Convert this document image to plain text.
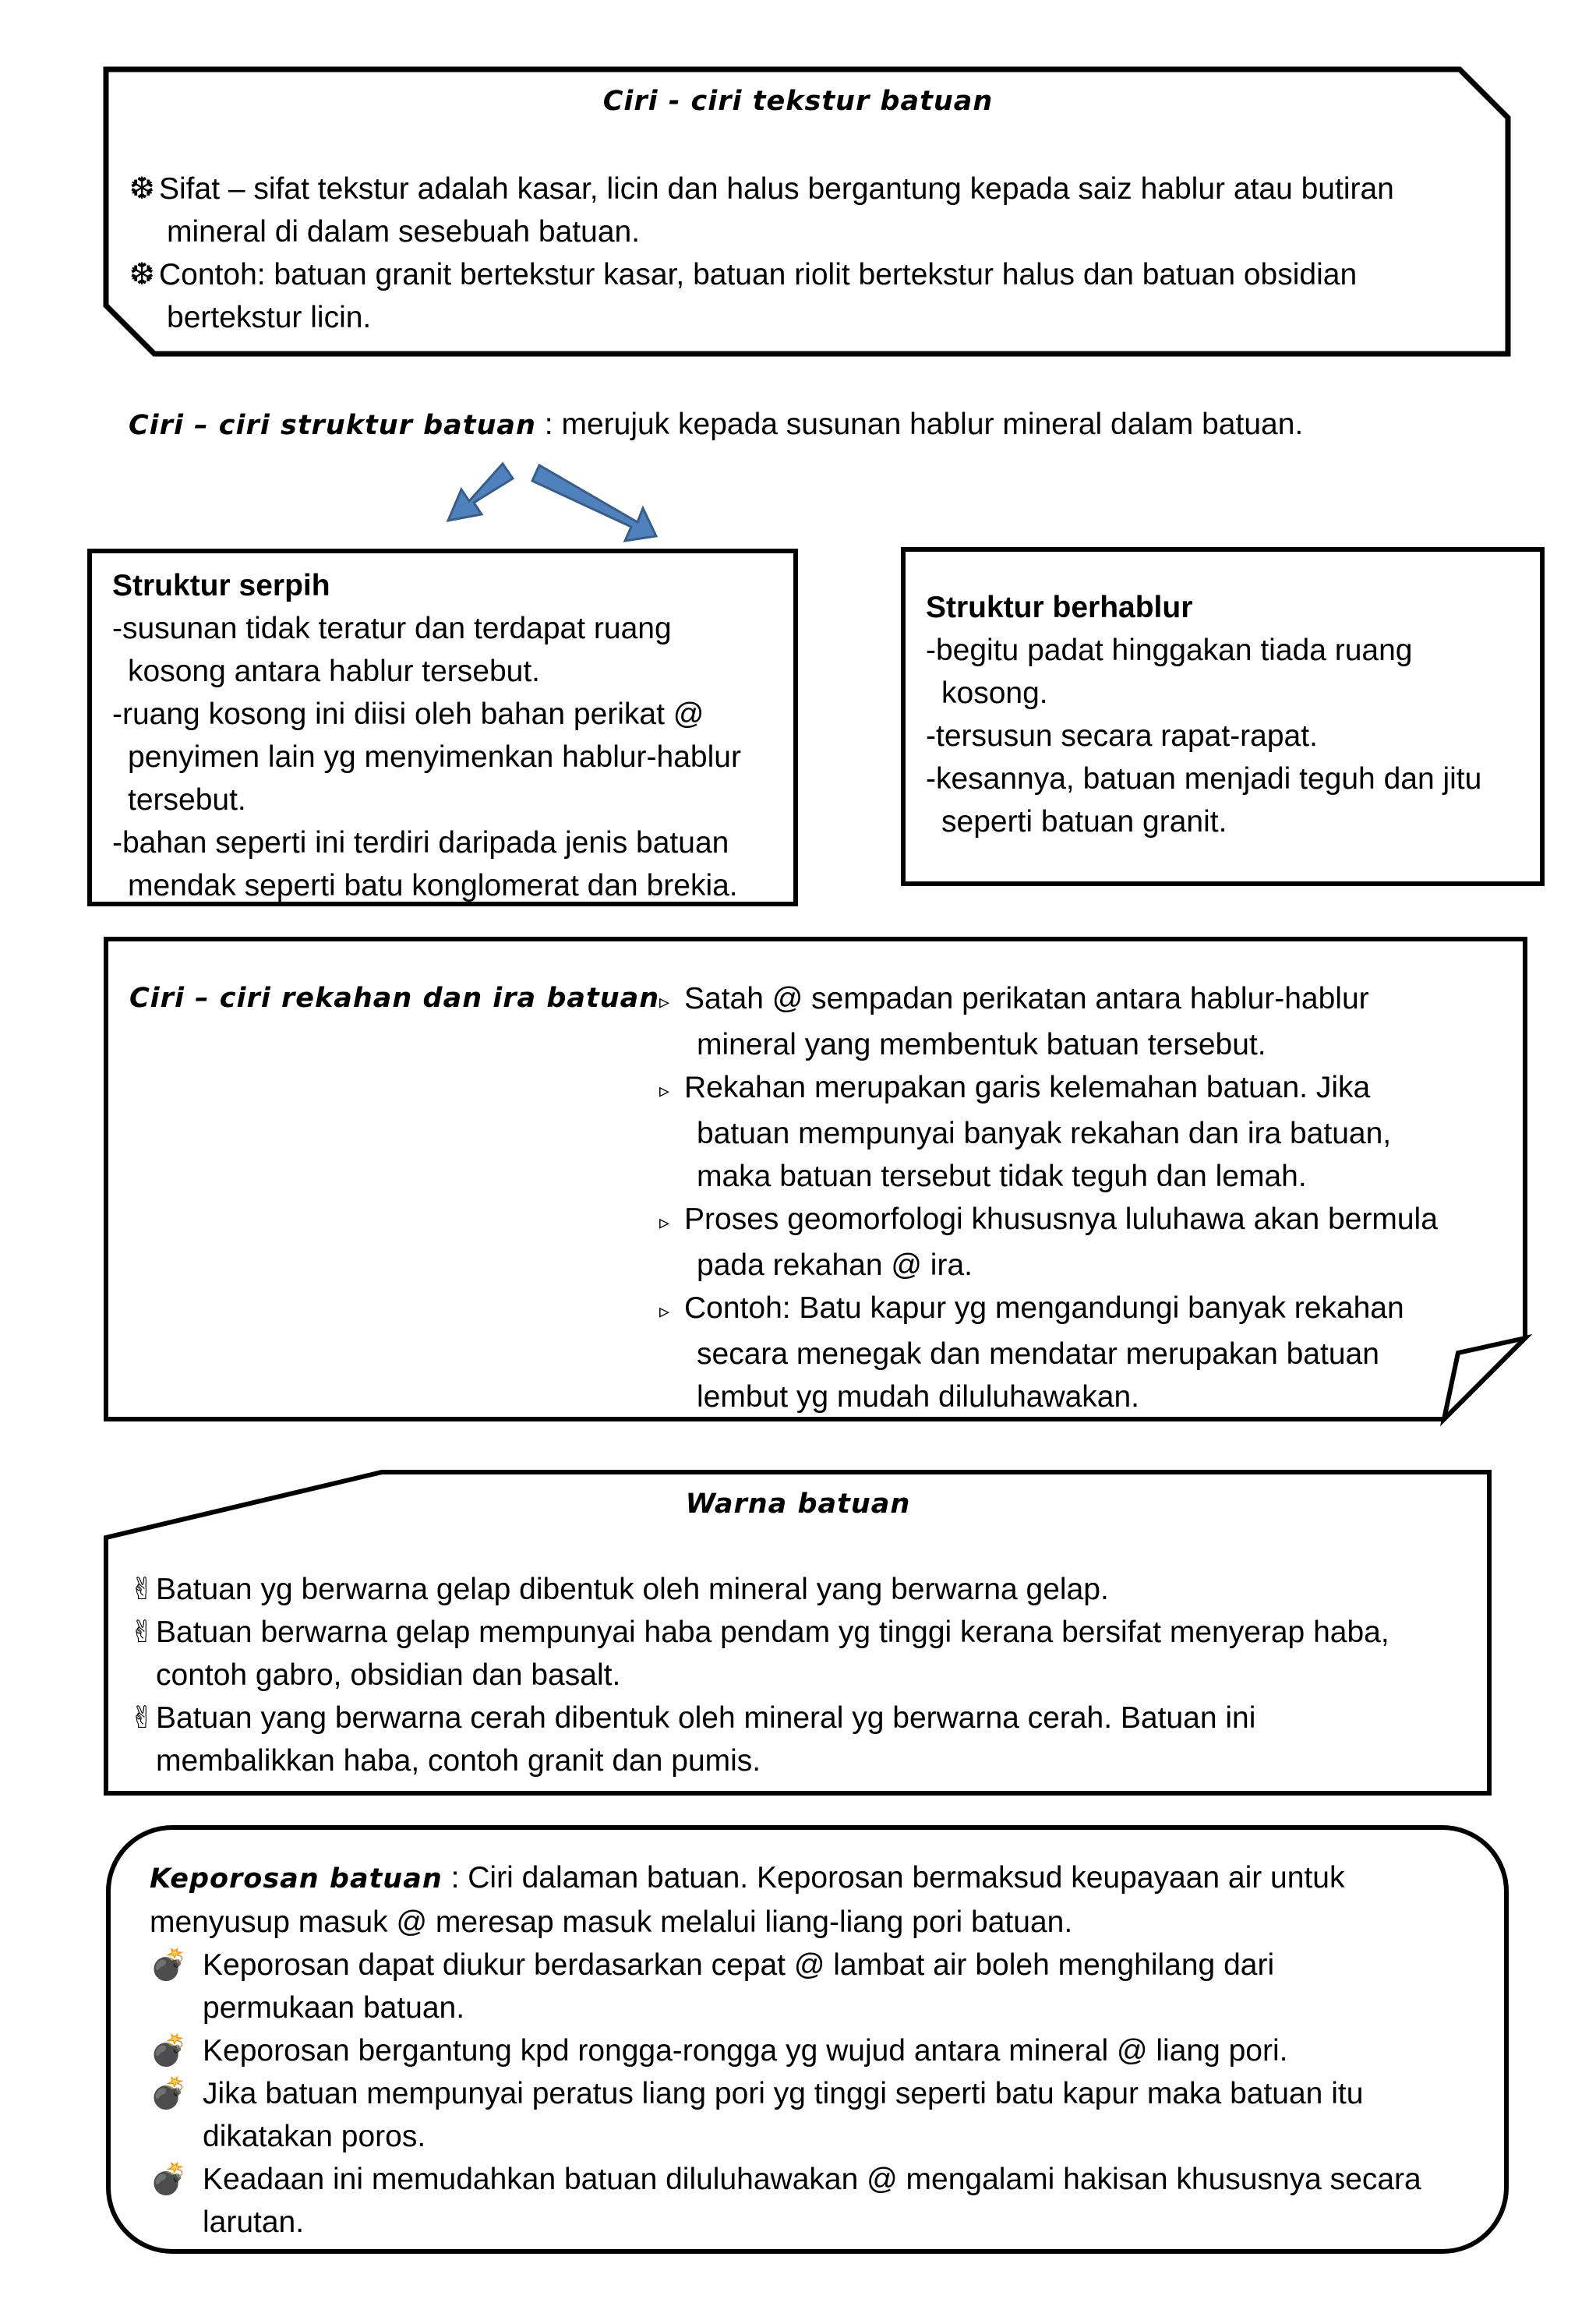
Ciri - ciri tekstur batuan
❆ Sifat – sifat tekstur adalah kasar, licin dan halus bergantung kepada saiz hablur atau butiran
mineral di dalam sesebuah batuan.
❆ Contoh: batuan granit bertekstur kasar, batuan riolit bertekstur halus dan batuan obsidian
bertekstur licin.
Ciri – ciri struktur batuan : merujuk kepada susunan hablur mineral dalam batuan.
Struktur serpih
-susunan tidak teratur dan terdapat ruang
kosong antara hablur tersebut.
-ruang kosong ini diisi oleh bahan perikat @
penyimen lain yg menyimenkan hablur-hablur
tersebut.
-bahan seperti ini terdiri daripada jenis batuan
mendak seperti batu konglomerat dan brekia.
Struktur berhablur
-begitu padat hinggakan tiada ruang
kosong.
-tersusun secara rapat-rapat.
-kesannya, batuan menjadi teguh dan jitu
seperti batuan granit.
Ciri – ciri rekahan dan ira batuan ▹ Satah @ sempadan perikatan antara hablur-hablur
mineral yang membentuk batuan tersebut.
▹ Rekahan merupakan garis kelemahan batuan. Jika
batuan mempunyai banyak rekahan dan ira batuan,
maka batuan tersebut tidak teguh dan lemah.
▹ Proses geomorfologi khususnya luluhawa akan bermula
pada rekahan @ ira.
▹ Contoh: Batu kapur yg mengandungi banyak rekahan
secara menegak dan mendatar merupakan batuan
lembut yg mudah diluluhawakan.
Warna batuan
✌Batuan yg berwarna gelap dibentuk oleh mineral yang berwarna gelap.
✌Batuan berwarna gelap mempunyai haba pendam yg tinggi kerana bersifat menyerap haba,
contoh gabro, obsidian dan basalt.
✌Batuan yang berwarna cerah dibentuk oleh mineral yg berwarna cerah. Batuan ini
membalikkan haba, contoh granit dan pumis.
Keporosan batuan : Ciri dalaman batuan. Keporosan bermaksud keupayaan air untuk
menyusup masuk @ meresap masuk melalui liang-liang pori batuan.
💣 Keporosan dapat diukur berdasarkan cepat @ lambat air boleh menghilang dari
permukaan batuan.
💣 Keporosan bergantung kpd rongga-rongga yg wujud antara mineral @ liang pori.
💣 Jika batuan mempunyai peratus liang pori yg tinggi seperti batu kapur maka batuan itu
dikatakan poros.
💣 Keadaan ini memudahkan batuan diluluhawakan @ mengalami hakisan khususnya secara
larutan.
